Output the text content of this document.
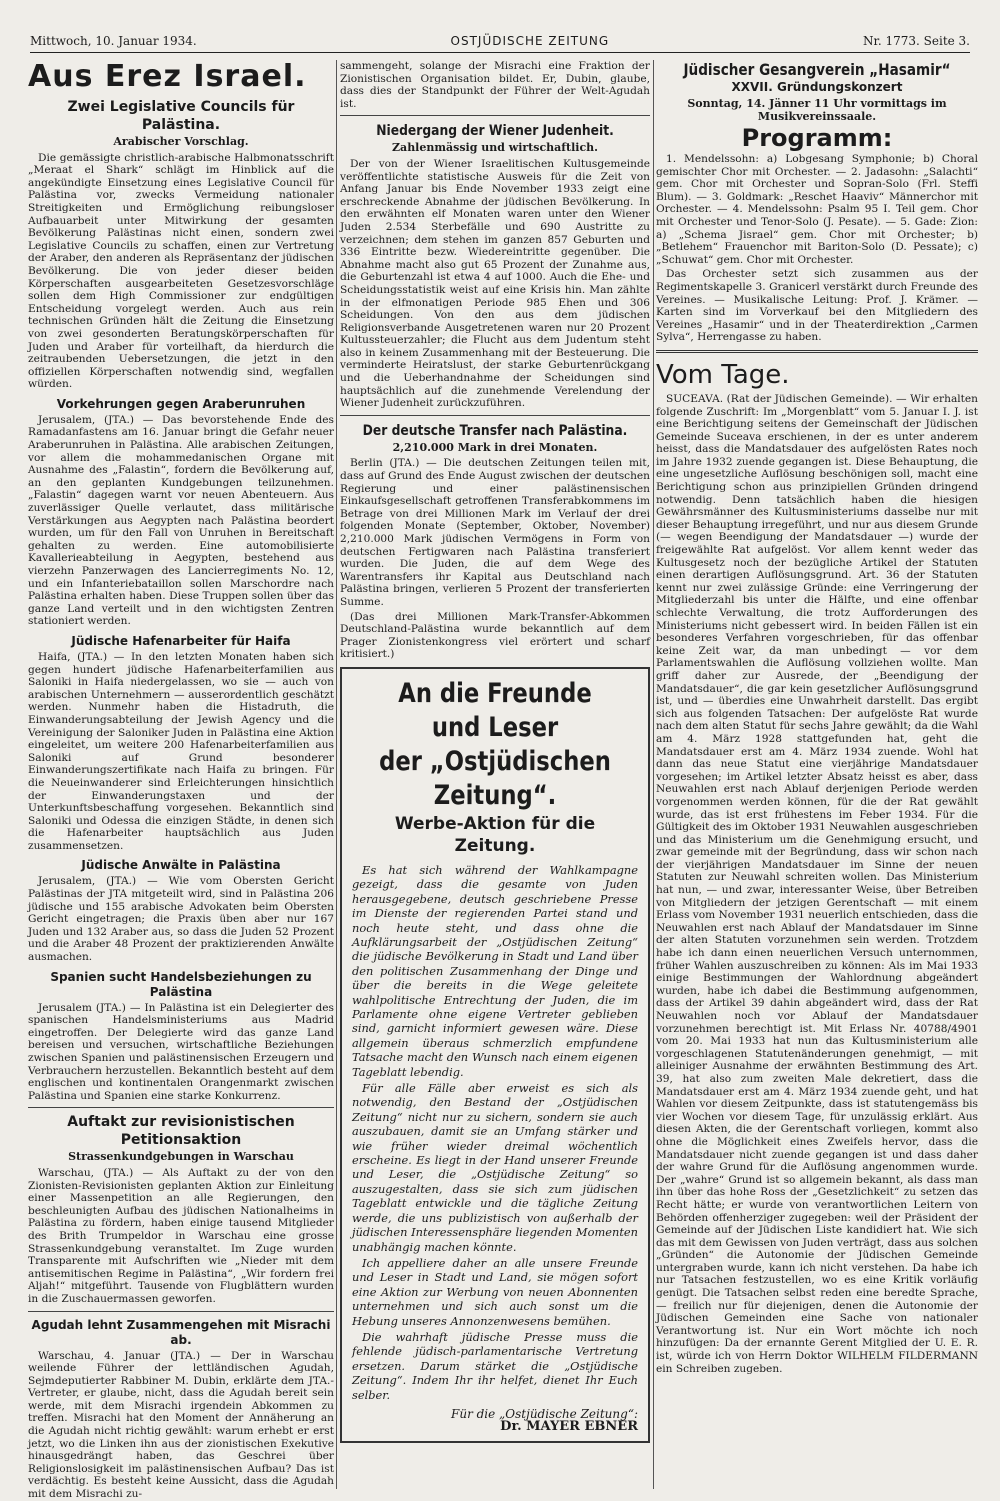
Mittwoch, 10. Januar 1934.	OSTJÜDISCHE ZEITUNG	Nr. 1773. Seite 3.
Aus Erez Israel.
Zwei Legislative Councils für Palästina.
Arabischer Vorschlag.

Die gemässigte christlich-arabische Halbmonatsschrift „Meraat el Shark“ schlägt im Hinblick auf die angekündigte Einsetzung eines Legislative Council für Palästina vor, zwecks Vermeidung nationaler Streitigkeiten und Ermöglichung reibungsloser Aufbauarbeit unter Mitwirkung der gesamten Bevölkerung Palästinas nicht einen, sondern zwei Legislative Councils zu schaffen, einen zur Vertretung der Araber, den anderen als Repräsentanz der jüdischen Bevölkerung. Die von jeder dieser beiden Körperschaften ausgearbeiteten Gesetzesvorschläge sollen dem High Commissioner zur endgültigen Entscheidung vorgelegt werden. Auch aus rein technischen Gründen hält die Zeitung die Einsetzung von zwei gesonderten Beratungskörperschaften für Juden und Araber für vorteilhaft, da hierdurch die zeitraubenden Uebersetzungen, die jetzt in den offiziellen Körperschaften notwendig sind, wegfallen würden.

Vorkehrungen gegen Araberunruhen

Jerusalem, (JTA.) — Das bevorstehende Ende des Ramadanfastens am 16. Januar bringt die Gefahr neuer Araberunruhen in Palästina. Alle arabischen Zeitungen, vor allem die mohammedanischen Organe mit Ausnahme des „Falastin“, fordern die Bevölkerung auf, an den geplanten Kundgebungen teilzunehmen. „Falastin“ dagegen warnt vor neuen Abenteuern. Aus zuverlässiger Quelle verlautet, dass militärische Verstärkungen aus Aegypten nach Palästina beordert wurden, um für den Fall von Unruhen in Bereitschaft gehalten zu werden. Eine automobilisierte Kavallerieabteilung in Aegypten, bestehend aus vierzehn Panzerwagen des Lancierregiments No. 12, und ein Infanteriebataillon sollen Marschordre nach Palästina erhalten haben. Diese Truppen sollen über das ganze Land verteilt und in den wichtigsten Zentren stationiert werden.

Jüdische Hafenarbeiter für Haifa

Haifa, (JTA.) — In den letzten Monaten haben sich gegen hundert jüdische Hafenarbeiterfamilien aus Saloniki in Haifa niedergelassen, wo sie — auch von arabischen Unternehmern — ausserordentlich geschätzt werden. Nunmehr haben die Histadruth, die Einwanderungsabteilung der Jewish Agency und die Vereinigung der Saloniker Juden in Palästina eine Aktion eingeleitet, um weitere 200 Hafenarbeiterfamilien aus Saloniki auf Grund besonderer Einwanderungszertifikate nach Haifa zu bringen. Für die Neueinwanderer sind Erleichterungen hinsichtlich der Einwanderungstaxen und der Unterkunftsbeschaffung vorgesehen. Bekanntlich sind Saloniki und Odessa die einzigen Städte, in denen sich die Hafenarbeiter hauptsächlich aus Juden zusammensetzen.

Jüdische Anwälte in Palästina

Jerusalem, (JTA.) — Wie vom Obersten Gericht Palästinas der JTA mitgeteilt wird, sind in Palästina 206 jüdische und 155 arabische Advokaten beim Obersten Gericht eingetragen; die Praxis üben aber nur 167 Juden und 132 Araber aus, so dass die Juden 52 Prozent und die Araber 48 Prozent der praktizierenden Anwälte ausmachen.

Spanien sucht Handelsbeziehungen zu Palästina

Jerusalem (JTA.) — In Palästina ist ein Delegierter des spanischen Handelsministeriums aus Madrid eingetroffen. Der Delegierte wird das ganze Land bereisen und versuchen, wirtschaftliche Beziehungen zwischen Spanien und palästinensischen Erzeugern und Verbrauchern herzustellen. Bekanntlich besteht auf dem englischen und kontinentalen Orangenmarkt zwischen Palästina und Spanien eine starke Konkurrenz.

Auftakt zur revisionistischen Petitionsaktion
Strassenkundgebungen in Warschau

Warschau, (JTA.) — Als Auftakt zu der von den Zionisten-Revisionisten geplanten Aktion zur Einleitung einer Massenpetition an alle Regierungen, den beschleunigten Aufbau des jüdischen Nationalheims in Palästina zu fördern, haben einige tausend Mitglieder des Brith Trumpeldor in Warschau eine grosse Strassenkundgebung veranstaltet. Im Zuge wurden Transparente mit Aufschriften wie „Nieder mit dem antisemitischen Regime in Palästina“, „Wir fordern frei Aljah!“ mitgeführt. Tausende von Flugblättern wurden in die Zuschauermassen geworfen.

Agudah lehnt Zusammengehen mit Misrachi ab.

Warschau, 4. Januar (JTA.) — Der in Warschau weilende Führer der lettländischen Agudah, Sejmdeputierter Rabbiner M. Dubin, erklärte dem JTA.-Vertreter, er glaube, nicht, dass die Agudah bereit sein werde, mit dem Misrachi irgendein Abkommen zu treffen. Misrachi hat den Moment der Annäherung an die Agudah nicht richtig gewählt: warum erhebt er erst jetzt, wo die Linken ihn aus der zionistischen Exekutive hinausgedrängt haben, das Geschrei über Religionslosigkeit im palästinensischen Aufbau? Das ist verdächtig. Es besteht keine Aussicht, dass die Agudah mit dem Misrachi zu-

sammengeht, solange der Misrachi eine Fraktion der Zionistischen Organisation bildet. Er, Dubin, glaube, dass dies der Standpunkt der Führer der Welt-Agudah ist.

Niedergang der Wiener Judenheit.
Zahlenmässig und wirtschaftlich.

Der von der Wiener Israelitischen Kultusgemeinde veröffentlichte statistische Ausweis für die Zeit von Anfang Januar bis Ende November 1933 zeigt eine erschreckende Abnahme der jüdischen Bevölkerung. In den erwähnten elf Monaten waren unter den Wiener Juden 2.534 Sterbefälle und 690 Austritte zu verzeichnen; dem stehen im ganzen 857 Geburten und 336 Eintritte bezw. Wiedereintritte gegenüber. Die Abnahme macht also gut 65 Prozent der Zunahme aus, die Geburtenzahl ist etwa 4 auf 1000. Auch die Ehe- und Scheidungsstatistik weist auf eine Krisis hin. Man zählte in der elfmonatigen Periode 985 Ehen und 306 Scheidungen. Von den aus dem jüdischen Religionsverbande Ausgetretenen waren nur 20 Prozent Kultussteuerzahler; die Flucht aus dem Judentum steht also in keinem Zusammenhang mit der Besteuerung. Die verminderte Heiratslust, der starke Geburtenrückgang und die Ueberhandnahme der Scheidungen sind hauptsächlich auf die zunehmende Verelendung der Wiener Judenheit zurückzuführen.

Der deutsche Transfer nach Palästina.
2,210.000 Mark in drei Monaten.

Berlin (JTA.) — Die deutschen Zeitungen teilen mit, dass auf Grund des Ende August zwischen der deutschen Regierung und einer palästinensischen Einkaufsgesellschaft getroffenen Transferabkommens im Betrage von drei Millionen Mark im Verlauf der drei folgenden Monate (September, Oktober, November) 2,210.000 Mark jüdischen Vermögens in Form von deutschen Fertigwaren nach Palästina transferiert wurden. Die Juden, die auf dem Wege des Warentransfers ihr Kapital aus Deutschland nach Palästina bringen, verlieren 5 Prozent der transferierten Summe.

(Das drei Millionen Mark-Transfer-Abkommen Deutschland-Palästina wurde bekanntlich auf dem Prager Zionistenkongress viel erörtert und scharf kritisiert.)

An die Freunde und Leser
der „Ostjüdischen Zeitung“.
Werbe-Aktion für die Zeitung.

Es hat sich während der Wahlkampagne gezeigt, dass die gesamte von Juden herausgegebene, deutsch geschriebene Presse im Dienste der regierenden Partei stand und noch heute steht, und dass ohne die Aufklärungsarbeit der „Ostjüdischen Zeitung“ die jüdische Bevölkerung in Stadt und Land über den politischen Zusammenhang der Dinge und über die bereits in die Wege geleitete wahlpolitische Entrechtung der Juden, die im Parlamente ohne eigene Vertreter geblieben sind, garnicht informiert gewesen wäre. Diese allgemein überaus schmerzlich empfundene Tatsache macht den Wunsch nach einem eigenen Tageblatt lebendig.

Für alle Fälle aber erweist es sich als notwendig, den Bestand der „Ostjüdischen Zeitung“ nicht nur zu sichern, sondern sie auch auszubauen, damit sie an Umfang stärker und wie früher wieder dreimal wöchentlich erscheine. Es liegt in der Hand unserer Freunde und Leser, die „Ostjüdische Zeitung“ so auszugestalten, dass sie sich zum jüdischen Tageblatt entwickle und die tägliche Zeitung werde, die uns publizistisch von außerhalb der jüdischen Interessensphäre liegenden Momenten unabhängig machen könnte.

Ich appelliere daher an alle unsere Freunde und Leser in Stadt und Land, sie mögen sofort eine Aktion zur Werbung von neuen Abonnenten unternehmen und sich auch sonst um die Hebung unseres Annonzenwesens bemühen.

Die wahrhaft jüdische Presse muss die fehlende jüdisch-parlamentarische Vertretung ersetzen. Darum stärket die „Ostjüdische Zeitung“. Indem Ihr ihr helfet, dienet Ihr Euch selber.

Für die „Ostjüdische Zeitung“:
Dr. MAYER EBNER
Jüdischer Gesangverein „Hasamir“
XXVII. Gründungskonzert
Sonntag, 14. Jänner 11 Uhr vormittags im Musikvereinssaale.
Programm:

1. Mendelssohn: a) Lobgesang Symphonie; b) Choral gemischter Chor mit Orchester. — 2. Jadasohn: „Salachti“ gem. Chor mit Orchester und Sopran-Solo (Frl. Steffi Blum). — 3. Goldmark: „Reschet Haaviv“ Männerchor mit Orchester. — 4. Mendelssohn: Psalm 95 I. Teil gem. Chor mit Orchester und Tenor-Solo (J. Pesate). — 5. Gade: Zion: a) „Schema Jisrael“ gem. Chor mit Orchester; b) „Betlehem“ Frauenchor mit Bariton-Solo (D. Pessate); c) „Schuwat“ gem. Chor mit Orchester.

Das Orchester setzt sich zusammen aus der Regimentskapelle 3. Granicerl verstärkt durch Freunde des Vereines. — Musikalische Leitung: Prof. J. Krämer. — Karten sind im Vorverkauf bei den Mitgliedern des Vereines „Hasamir“ und in der Theaterdirektion „Carmen Sylva“, Herrengasse zu haben.

Vom Tage.

SUCEAVA. (Rat der Jüdischen Gemeinde). — Wir erhalten folgende Zuschrift: Im „Morgenblatt“ vom 5. Januar I. J. ist eine Berichtigung seitens der Gemeinschaft der Jüdischen Gemeinde Suceava erschienen, in der es unter anderem heisst, dass die Mandatsdauer des aufgelösten Rates noch im Jahre 1932 zuende gegangen ist. Diese Behauptung, die eine ungesetzliche Auflösung beschönigen soll, macht eine Berichtigung schon aus prinzipiellen Gründen dringend notwendig. Denn tatsächlich haben die hiesigen Gewährsmänner des Kultusministeriums dasselbe nur mit dieser Behauptung irregeführt, und nur aus diesem Grunde (— wegen Beendigung der Mandatsdauer —) wurde der freigewählte Rat aufgelöst. Vor allem kennt weder das Kultusgesetz noch der bezügliche Artikel der Statuten einen derartigen Auflösungsgrund. Art. 36 der Statuten kennt nur zwei zulässige Gründe: eine Verringerung der Mitgliederzahl bis unter die Hälfte, und eine offenbar schlechte Verwaltung, die trotz Aufforderungen des Ministeriums nicht gebessert wird. In beiden Fällen ist ein besonderes Verfahren vorgeschrieben, für das offenbar keine Zeit war, da man unbedingt — vor dem Parlamentswahlen die Auflösung vollziehen wollte. Man griff daher zur Ausrede, der „Beendigung der Mandatsdauer“, die gar kein gesetzlicher Auflösungsgrund ist, und — überdies eine Unwahrheit darstellt. Das ergibt sich aus folgenden Tatsachen: Der aufgelöste Rat wurde nach dem alten Statut für sechs Jahre gewählt; da die Wahl am 4. März 1928 stattgefunden hat, geht die Mandatsdauer erst am 4. März 1934 zuende. Wohl hat dann das neue Statut eine vierjährige Mandatsdauer vorgesehen; im Artikel letzter Absatz heisst es aber, dass Neuwahlen erst nach Ablauf derjenigen Periode werden vorgenommen werden können, für die der Rat gewählt wurde, das ist erst frühestens im Feber 1934. Für die Gültigkeit des im Oktober 1931 Neuwahlen ausgeschrieben und das Ministerium um die Genehmigung ersucht, und zwar gemeinde mit der Begründung, dass wir schon nach der vierjährigen Mandatsdauer im Sinne der neuen Statuten zur Neuwahl schreiten wollen. Das Ministerium hat nun, — und zwar, interessanter Weise, über Betreiben von Mitgliedern der jetzigen Gerentschaft — mit einem Erlass vom November 1931 neuerlich entschieden, dass die Neuwahlen erst nach Ablauf der Mandatsdauer im Sinne der alten Statuten vorzunehmen sein werden. Trotzdem habe ich dann einen neuerlichen Versuch unternommen, früher Wahlen auszuschreiben zu können: Als im Mai 1933 einige Bestimmungen der Wahlordnung abgeändert wurden, habe ich dabei die Bestimmung aufgenommen, dass der Artikel 39 dahin abgeändert wird, dass der Rat Neuwahlen noch vor Ablauf der Mandatsdauer vorzunehmen berechtigt ist. Mit Erlass Nr. 40788/4901 vom 20. Mai 1933 hat nun das Kultusministerium alle vorgeschlagenen Statutenänderungen genehmigt, — mit alleiniger Ausnahme der erwähnten Bestimmung des Art. 39, hat also zum zweiten Male dekretiert, dass die Mandatsdauer erst am 4. März 1934 zuende geht, und hat Wahlen vor diesem Zeitpunkte, dass ist statutengemäss bis vier Wochen vor diesem Tage, für unzulässig erklärt. Aus diesen Akten, die der Gerentschaft vorliegen, kommt also ohne die Möglichkeit eines Zweifels hervor, dass die Mandatsdauer nicht zuende gegangen ist und dass daher der wahre Grund für die Auflösung angenommen wurde. Der „wahre“ Grund ist so allgemein bekannt, als dass man ihn über das hohe Ross der „Gesetzlichkeit“ zu setzen das Recht hätte; er wurde von verantwortlichen Leitern von Behörden offenherziger zugegeben: weil der Präsident der Gemeinde auf der Jüdischen Liste kandidiert hat. Wie sich das mit dem Gewissen von Juden verträgt, dass aus solchen „Gründen“ die Autonomie der Jüdischen Gemeinde untergraben wurde, kann ich nicht verstehen. Da habe ich nur Tatsachen festzustellen, wo es eine Kritik vorläufig genügt. Die Tatsachen selbst reden eine beredte Sprache, — freilich nur für diejenigen, denen die Autonomie der Jüdischen Gemeinden eine Sache von nationaler Verantwortung ist. Nur ein Wort möchte ich noch hinzufügen: Da der ernannte Gerent Mitglied der U. E. R. ist, würde ich von Herrn Doktor WILHELM FILDERMANN ein Schreiben zugeben.
